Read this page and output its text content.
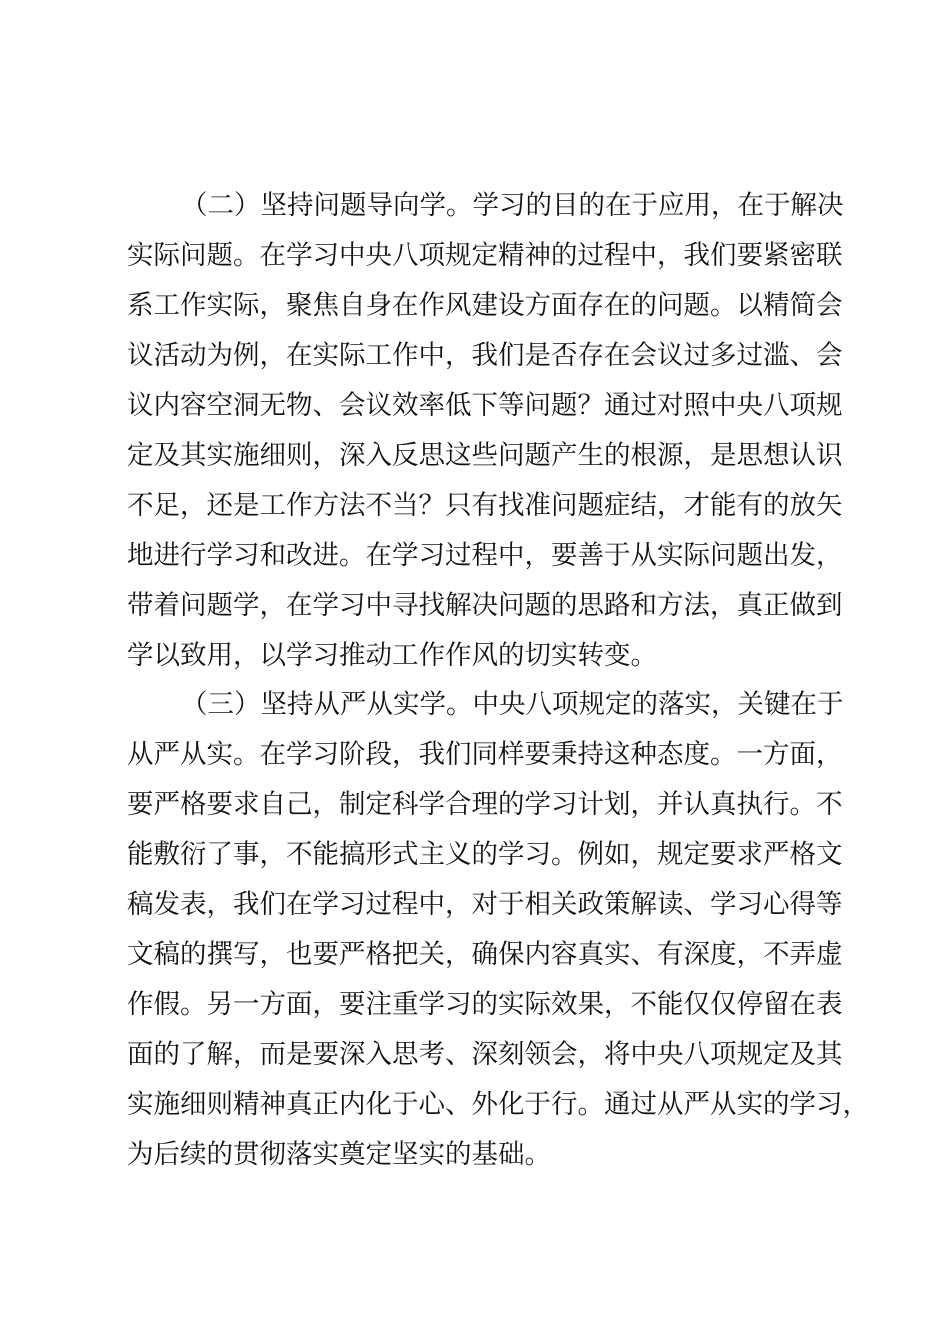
（二）坚持问题导向学。学习的目的在于应用，在于解决

实际问题。在学习中央八项规定精神的过程中，我们要紧密联

系工作实际，聚焦自身在作风建设方面存在的问题。以精简会

议活动为例，在实际工作中，我们是否存在会议过多过滥、会

议内容空洞无物、会议效率低下等问题？通过对照中央八项规

定及其实施细则，深入反思这些问题产生的根源，是思想认识

不足，还是工作方法不当？只有找准问题症结，才能有的放矢

地进行学习和改进。在学习过程中，要善于从实际问题出发，

带着问题学，在学习中寻找解决问题的思路和方法，真正做到

学以致用，以学习推动工作作风的切实转变。

（三）坚持从严从实学。中央八项规定的落实，关键在于

从严从实。在学习阶段，我们同样要秉持这种态度。一方面，

要严格要求自己，制定科学合理的学习计划，并认真执行。不

能敷衍了事，不能搞形式主义的学习。例如，规定要求严格文

稿发表，我们在学习过程中，对于相关政策解读、学习心得等

文稿的撰写，也要严格把关，确保内容真实、有深度，不弄虚

作假。另一方面，要注重学习的实际效果，不能仅仅停留在表

面的了解，而是要深入思考、深刻领会，将中央八项规定及其

实施细则精神真正内化于心、外化于行。通过从严从实的学习，

为后续的贯彻落实奠定坚实的基础。
